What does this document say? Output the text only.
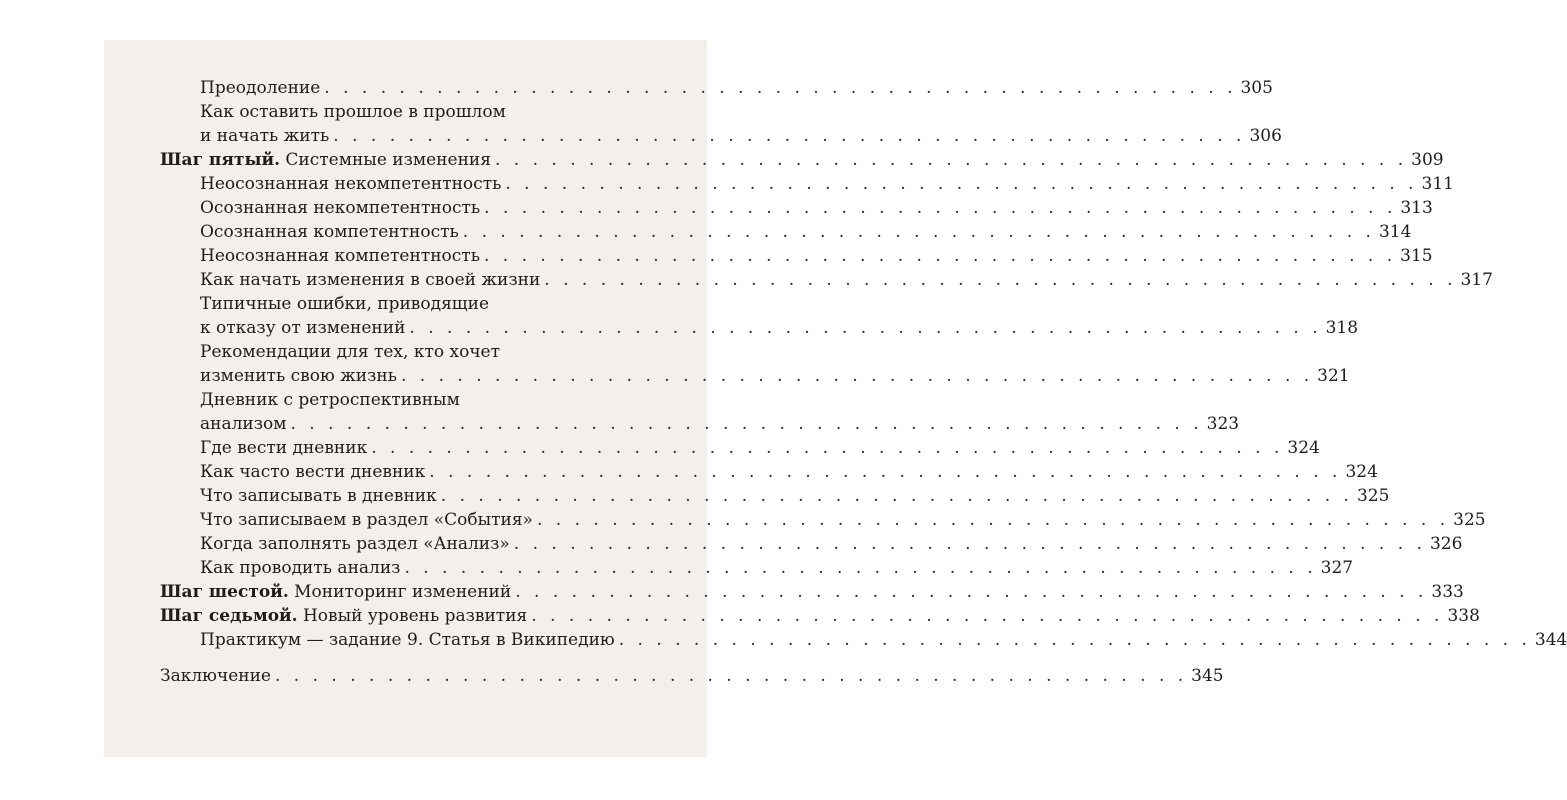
Преодоление . . . . . . . . . . . . . . . . . . . . . . . . . . . . . . . . . . . . . . . . . . . . . . . . . 305
Как оставить прошлое в прошлом
и начать жить . . . . . . . . . . . . . . . . . . . . . . . . . . . . . . . . . . . . . . . . . . . . . . . . . 306
Шаг пятый. Системные изменения . . . . . . . . . . . . . . . . . . . . . . . . . . . . . . . . . . . . . . . . . . . . . . . . . 309
Неосознанная некомпетентность . . . . . . . . . . . . . . . . . . . . . . . . . . . . . . . . . . . . . . . . . . . . . . . . . 311
Осознанная некомпетентность . . . . . . . . . . . . . . . . . . . . . . . . . . . . . . . . . . . . . . . . . . . . . . . . . 313
Осознанная компетентность . . . . . . . . . . . . . . . . . . . . . . . . . . . . . . . . . . . . . . . . . . . . . . . . . 314
Неосознанная компетентность . . . . . . . . . . . . . . . . . . . . . . . . . . . . . . . . . . . . . . . . . . . . . . . . . 315
Как начать изменения в своей жизни . . . . . . . . . . . . . . . . . . . . . . . . . . . . . . . . . . . . . . . . . . . . . . . . . 317
Типичные ошибки, приводящие
к отказу от изменений . . . . . . . . . . . . . . . . . . . . . . . . . . . . . . . . . . . . . . . . . . . . . . . . . 318
Рекомендации для тех, кто хочет
изменить свою жизнь . . . . . . . . . . . . . . . . . . . . . . . . . . . . . . . . . . . . . . . . . . . . . . . . . 321
Дневник с ретроспективным
анализом . . . . . . . . . . . . . . . . . . . . . . . . . . . . . . . . . . . . . . . . . . . . . . . . . 323
Где вести дневник . . . . . . . . . . . . . . . . . . . . . . . . . . . . . . . . . . . . . . . . . . . . . . . . . 324
Как часто вести дневник . . . . . . . . . . . . . . . . . . . . . . . . . . . . . . . . . . . . . . . . . . . . . . . . . 324
Что записывать в дневник . . . . . . . . . . . . . . . . . . . . . . . . . . . . . . . . . . . . . . . . . . . . . . . . . 325
Что записываем в раздел «События» . . . . . . . . . . . . . . . . . . . . . . . . . . . . . . . . . . . . . . . . . . . . . . . . . 325
Когда заполнять раздел «Анализ» . . . . . . . . . . . . . . . . . . . . . . . . . . . . . . . . . . . . . . . . . . . . . . . . . 326
Как проводить анализ . . . . . . . . . . . . . . . . . . . . . . . . . . . . . . . . . . . . . . . . . . . . . . . . . 327
Шаг шестой. Мониторинг изменений . . . . . . . . . . . . . . . . . . . . . . . . . . . . . . . . . . . . . . . . . . . . . . . . . 333
Шаг седьмой. Новый уровень развития . . . . . . . . . . . . . . . . . . . . . . . . . . . . . . . . . . . . . . . . . . . . . . . . . 338
Практикум — задание 9. Статья в Википедию . . . . . . . . . . . . . . . . . . . . . . . . . . . . . . . . . . . . . . . . . . . . . . . . . 344
Заключение . . . . . . . . . . . . . . . . . . . . . . . . . . . . . . . . . . . . . . . . . . . . . . . . . 345
